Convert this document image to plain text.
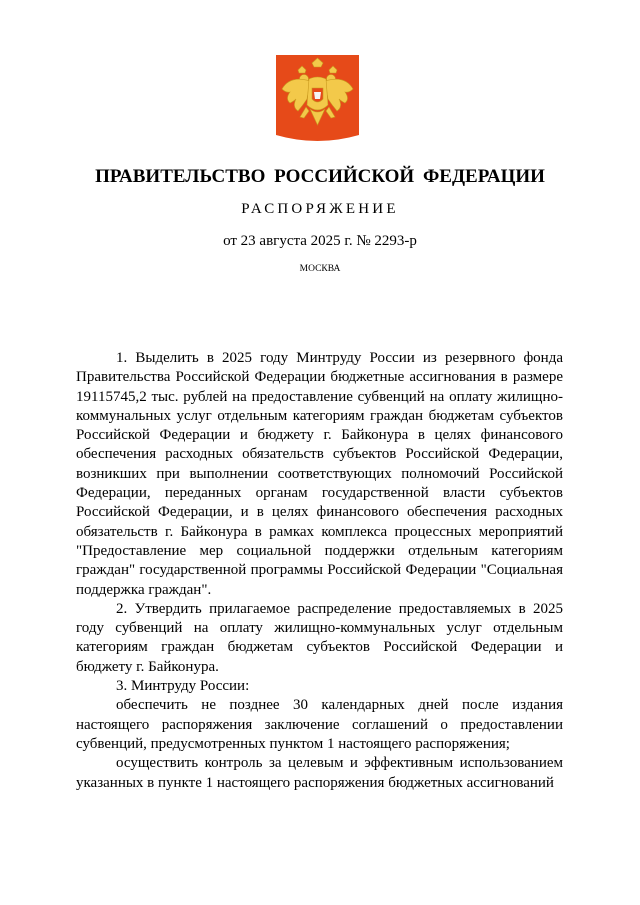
ПРАВИТЕЛЬСТВО РОССИЙСКОЙ ФЕДЕРАЦИИ
РАСПОРЯЖЕНИЕ
от 23 августа 2025 г. № 2293-р
МОСКВА

1. Выделить в 2025 году Минтруду России из резервного фонда Правительства Российской Федерации бюджетные ассигнования в размере 19115745,2 тыс. рублей на предоставление субвенций на оплату жилищно-коммунальных услуг отдельным категориям граждан бюджетам субъектов Российской Федерации и бюджету г. Байконура в целях финансового обеспечения расходных обязательств субъектов Российской Федерации, возникших при выполнении соответствующих полномочий Российской Федерации, переданных органам государственной власти субъектов Российской Федерации, и в целях финансового обеспечения расходных обязательств г. Байконура в рамках комплекса процессных мероприятий "Предоставление мер социальной поддержки отдельным категориям граждан" государственной программы Российской Федерации "Социальная поддержка граждан".

2. Утвердить прилагаемое распределение предоставляемых в 2025 году субвенций на оплату жилищно-коммунальных услуг отдельным категориям граждан бюджетам субъектов Российской Федерации и бюджету г. Байконура.

3. Минтруду России:

обеспечить не позднее 30 календарных дней после издания настоящего распоряжения заключение соглашений о предоставлении субвенций, предусмотренных пунктом 1 настоящего распоряжения;

осуществить контроль за целевым и эффективным использованием указанных в пункте 1 настоящего распоряжения бюджетных ассигнований
